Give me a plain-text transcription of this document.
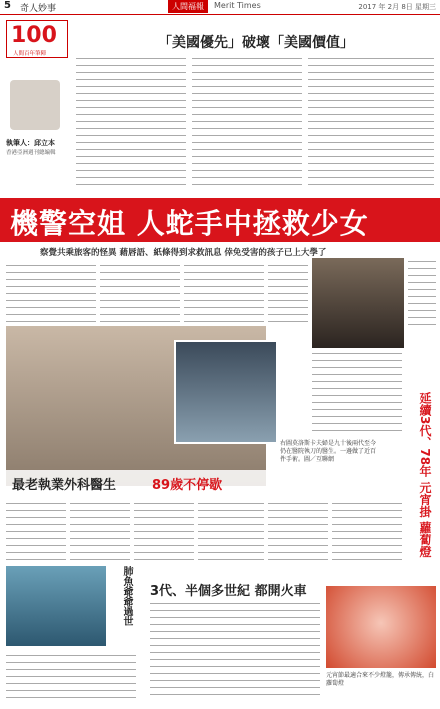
5 奇人妙事	人間福報	Merit Times	2017 年 2月 8日 星期三
100
人間百年筆陣
執筆人：邱立本
香港亞洲週刊總編輯
「美國優先」破壞「美國價值」
機警空姐 人蛇手中拯救少女
察覺共乘旅客的怪異 藉唇語、紙條得到求救訊息 倖免受害的孩子已上大學了
最老執業外科醫生	89歲不停歇
右圖莫洛斯卡夫婦是九十後兩代至今仍在醫院執刀的醫生。一邊做了近百件手術。圖／互聯網	延續3代、78年 元宵掛 蘿蔔燈
肺魚爺爺過世 3代、半個多世紀 都開火車
元宵節最適合來不少燈籠，傳承傳統，白蘿蔔燈
